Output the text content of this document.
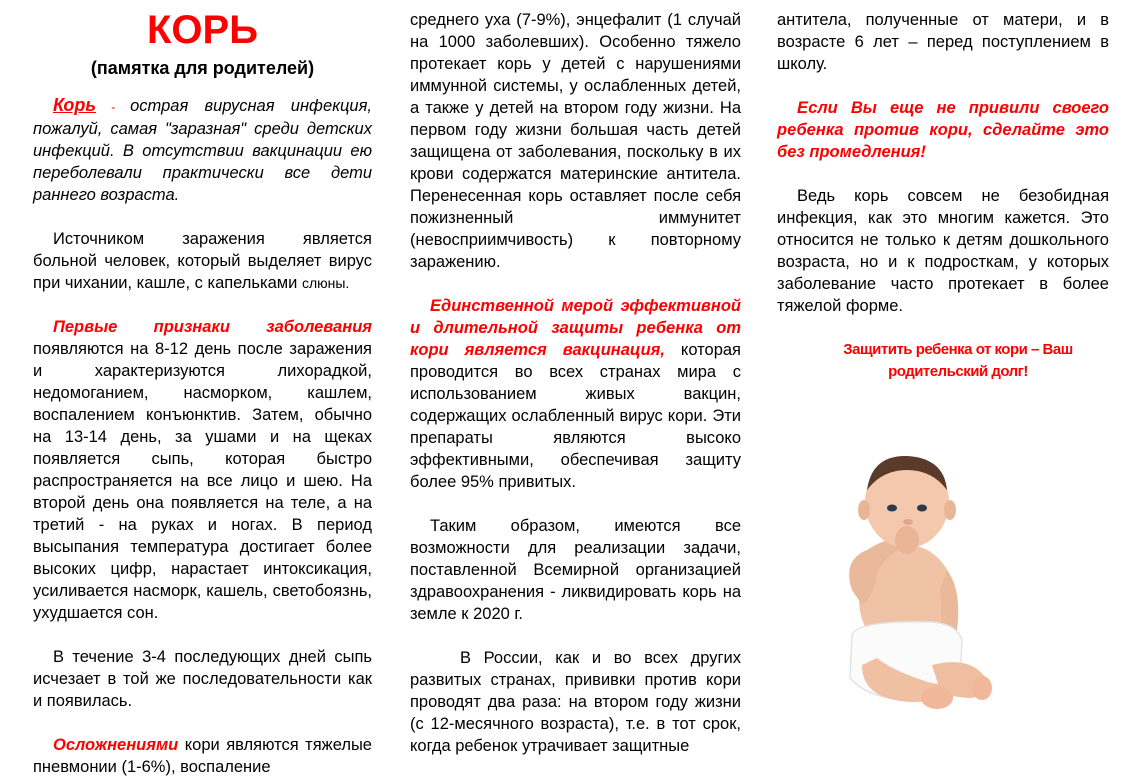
КОРЬ
(памятка для родителей)

Корь - острая вирусная инфекция, пожалуй, самая "заразная" среди детских инфекций. В отсутствии вакцинации ею переболевали практически все дети раннего возраста.

Источником заражения является больной человек, который выделяет вирус при чихании, кашле, с капельками слюны.

Первые признаки заболевания появляются на 8-12 день после заражения и характеризуются лихорадкой, недомоганием, насморком, кашлем, воспалением конъюнктив. Затем, обычно на 13-14 день, за ушами и на щеках появляется сыпь, которая быстро распространяется на все лицо и шею. На второй день она появляется на теле, а на третий - на руках и ногах. В период высыпания температура достигает более высоких цифр, нарастает интоксикация, усиливается насморк, кашель, светобоязнь, ухудшается сон.

В течение 3-4 последующих дней сыпь исчезает в той же последовательности как и появилась.

Осложнениями кори являются тяжелые пневмонии (1-6%), воспаление

среднего уха (7-9%), энцефалит (1 случай на 1000 заболевших). Особенно тяжело протекает корь у детей с нарушениями иммунной системы, у ослабленных детей, а также у детей на втором году жизни. На первом году жизни большая часть детей защищена от заболевания, поскольку в их крови содержатся материнские антитела. Перенесенная корь оставляет после себя пожизненный иммунитет (невосприимчивость) к повторному заражению.

Единственной мерой эффективной и длительной защиты ребенка от кори является вакцинация, которая проводится во всех странах мира с использованием живых вакцин, содержащих ослабленный вирус кори. Эти препараты являются высоко эффективными, обеспечивая защиту более 95% привитых.

Таким образом, имеются все возможности для реализации задачи, поставленной Всемирной организацией здравоохранения - ликвидировать корь на земле к 2020 г.

В России, как и во всех других развитых странах, прививки против кори проводят два раза: на втором году жизни (с 12-месячного возраста), т.е. в тот срок, когда ребенок утрачивает защитные

антитела, полученные от матери, и в возрасте 6 лет – перед поступлением в школу.

Если Вы еще не привили своего ребенка против кори, сделайте это без промедления!

Ведь корь совсем не безобидная инфекция, как это многим кажется. Это относится не только к детям дошкольного возраста, но и к подросткам, у которых заболевание часто протекает в более тяжелой форме.

Защитить ребенка от кори – Ваш
родительский долг!
